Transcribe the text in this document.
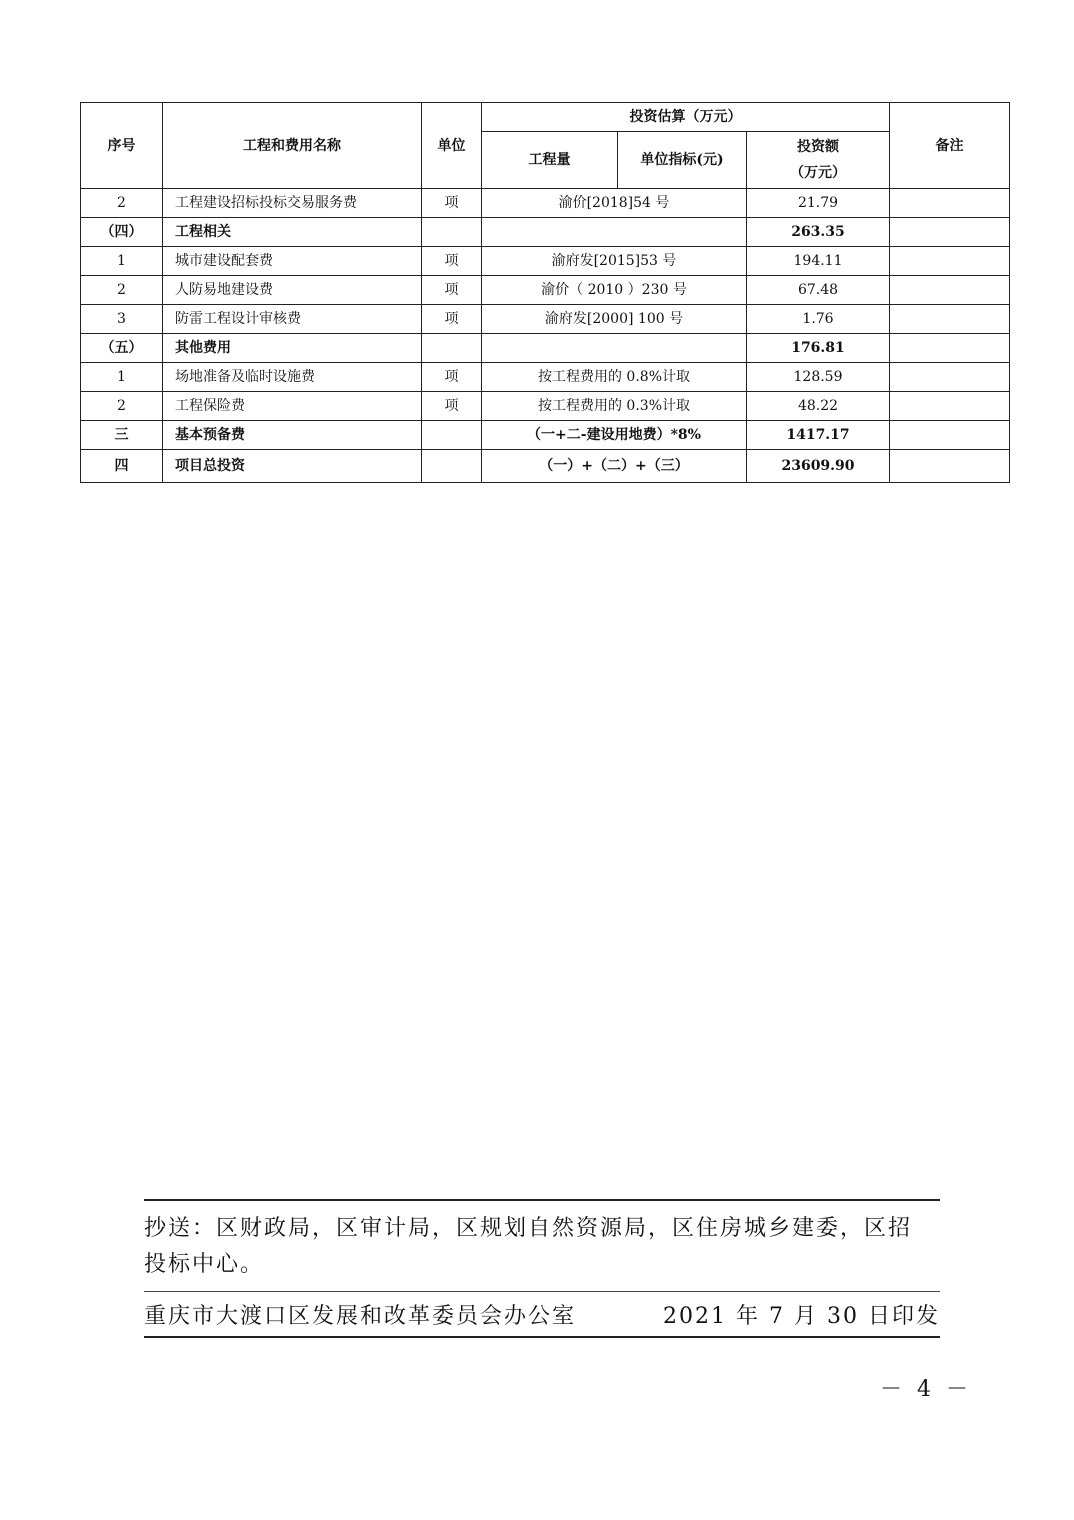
序号	工程和费用名称	单位	投资估算（万元）			备注
			工程量	单位指标(元)	投资额
（万元）	

2	工程建设招标投标交易服务费	项	渝价[2018]54 号		21.79	
（四）	工程相关				263.35	
1	城市建设配套费	项	渝府发[2015]53 号		194.11	
2	人防易地建设费	项	渝价（ 2010 ）230 号		67.48	
3	防雷工程设计审核费	项	渝府发[2000] 100 号		1.76	
（五）	其他费用				176.81	
1	场地准备及临时设施费	项	按工程费用的 0.8%计取		128.59	
2	工程保险费	项	按工程费用的 0.3%计取		48.22	
三	基本预备费		（一+二-建设用地费）*8%		1417.17	
四	项目总投资		（一）+（二）+（三）		23609.90	
抄送：区财政局，区审计局，区规划自然资源局，区住房城乡建委，区招
投标中心。
重庆市大渡口区发展和改革委员会办公室	2021 年 7 月 30 日印发
－ 4 －
